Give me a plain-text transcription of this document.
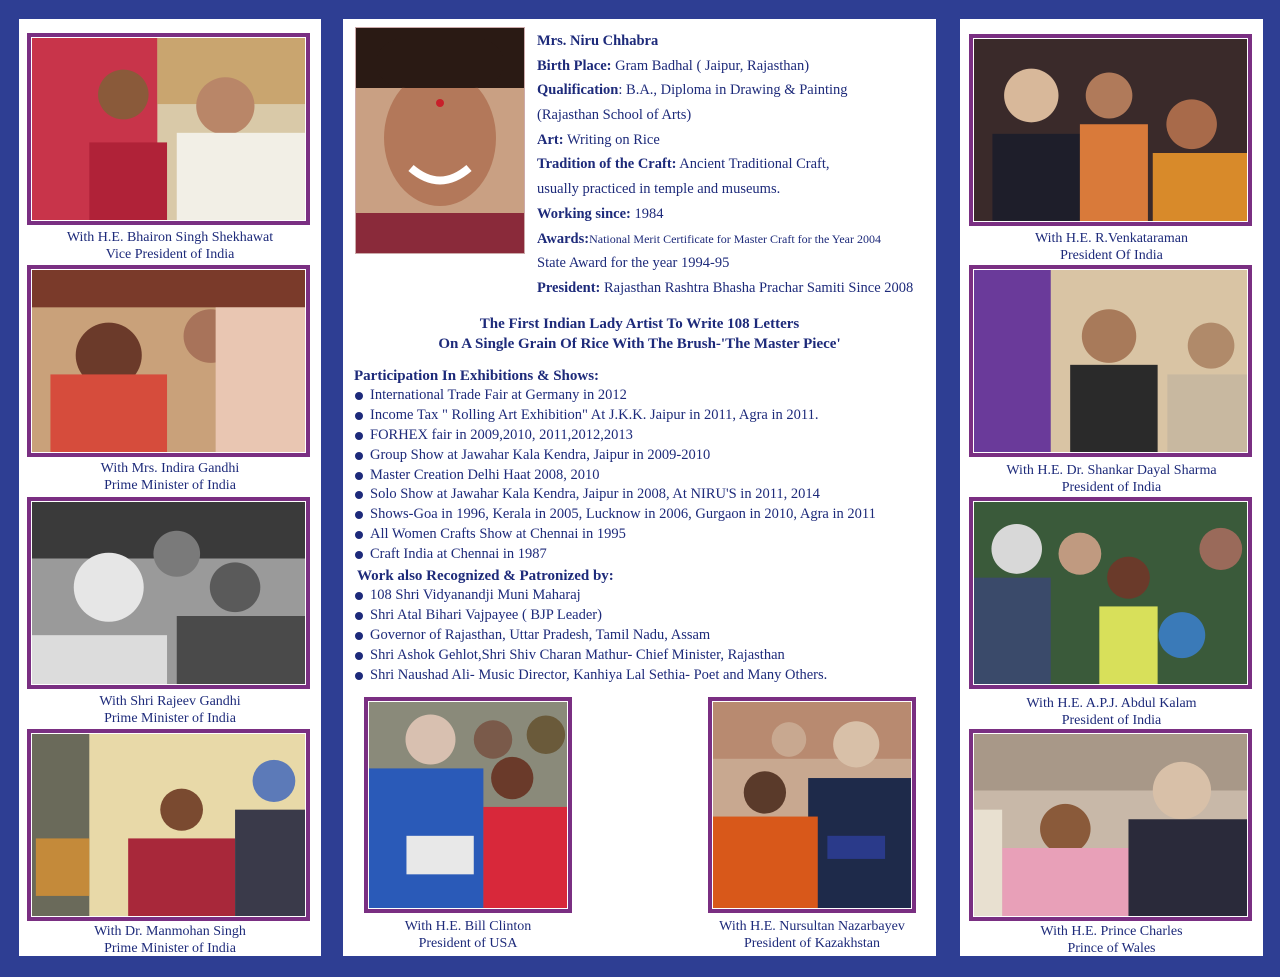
With H.E. Bhairon Singh Shekhawat
Vice President of India
With Mrs. Indira Gandhi
Prime Minister of India
With Shri Rajeev Gandhi
Prime Minister of India
With Dr. Manmohan Singh
Prime Minister of India
With H.E. R.Venkataraman
President Of India
With H.E. Dr. Shankar Dayal Sharma
President of India
With H.E. A.P.J. Abdul Kalam
President of India
With H.E. Prince Charles
Prince of Wales
Mrs. Niru Chhabra
Birth Place: Gram Badhal ( Jaipur, Rajasthan)
Qualification: B.A., Diploma in Drawing & Painting
(Rajasthan School of Arts)
Art: Writing on Rice
Tradition of the Craft: Ancient Traditional Craft,
usually practiced in temple and museums.
Working since: 1984
Awards:National Merit Certificate for Master Craft for the Year 2004
State Award for the year 1994-95
President: Rajasthan Rashtra Bhasha Prachar Samiti Since 2008
The First Indian Lady Artist To Write 108 Letters
On A Single Grain Of Rice With The Brush-'The Master Piece'
Participation In Exhibitions & Shows:
International Trade Fair at Germany in 2012
Income Tax " Rolling Art Exhibition" At J.K.K. Jaipur in 2011, Agra in 2011.
FORHEX fair in 2009,2010, 2011,2012,2013
Group Show at Jawahar Kala Kendra, Jaipur in 2009-2010
Master Creation Delhi Haat 2008, 2010
Solo Show at Jawahar Kala Kendra, Jaipur in 2008, At NIRU'S in 2011, 2014
Shows-Goa in 1996, Kerala in 2005, Lucknow in 2006, Gurgaon in 2010, Agra in 2011
All Women Crafts Show at Chennai in 1995
Craft India at Chennai in 1987
Work also Recognized & Patronized by:
108 Shri Vidyanandji Muni Maharaj
Shri Atal Bihari Vajpayee ( BJP Leader)
Governor of Rajasthan, Uttar Pradesh, Tamil Nadu, Assam
Shri Ashok Gehlot,Shri Shiv Charan Mathur- Chief Minister, Rajasthan
Shri Naushad Ali- Music Director, Kanhiya Lal Sethia- Poet and Many Others.
With H.E. Bill Clinton
President of USA
With H.E. Nursultan Nazarbayev
President of Kazakhstan
